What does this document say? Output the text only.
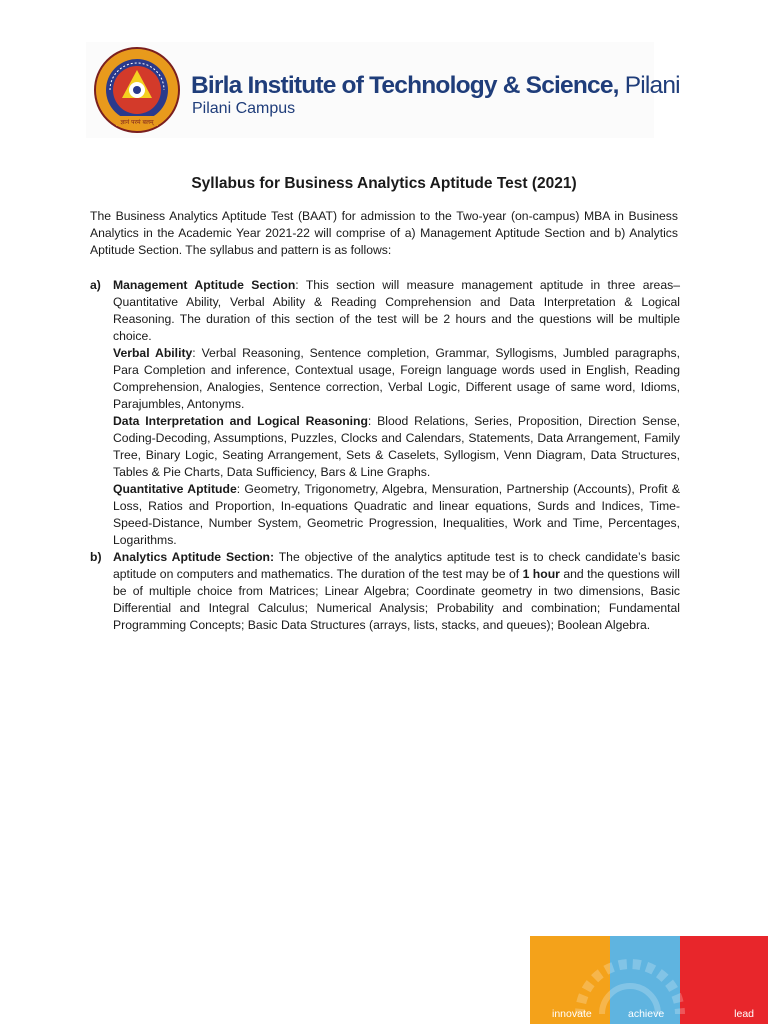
ज्ञानं परमं बलम्
Birla Institute of Technology & Science, Pilani
Pilani Campus
Syllabus for Business Analytics Aptitude Test (2021)
The Business Analytics Aptitude Test (BAAT) for admission to the Two-year (on-campus) MBA in Business Analytics in the Academic Year 2021-22 will comprise of a) Management Aptitude Section and b) Analytics Aptitude Section. The syllabus and pattern is as follows:
a) Management Aptitude Section: This section will measure management aptitude in three areas– Quantitative Ability, Verbal Ability & Reading Comprehension and Data Interpretation & Logical Reasoning. The duration of this section of the test will be 2 hours and the questions will be multiple choice.

Verbal Ability: Verbal Reasoning, Sentence completion, Grammar, Syllogisms, Jumbled paragraphs, Para Completion and inference, Contextual usage, Foreign language words used in English, Reading Comprehension, Analogies, Sentence correction, Verbal Logic, Different usage of same word, Idioms, Parajumbles, Antonyms.

Data Interpretation and Logical Reasoning: Blood Relations, Series, Proposition, Direction Sense, Coding-Decoding, Assumptions, Puzzles, Clocks and Calendars, Statements, Data Arrangement, Family Tree, Binary Logic, Seating Arrangement, Sets & Caselets, Syllogism, Venn Diagram, Data Structures, Tables & Pie Charts, Data Sufficiency, Bars & Line Graphs.

Quantitative Aptitude: Geometry, Trigonometry, Algebra, Mensuration, Partnership (Accounts), Profit & Loss, Ratios and Proportion, In-equations Quadratic and linear equations, Surds and Indices, Time-Speed-Distance, Number System, Geometric Progression, Inequalities, Work and Time, Percentages, Logarithms.

b) Analytics Aptitude Section: The objective of the analytics aptitude test is to check candidate’s basic aptitude on computers and mathematics. The duration of the test may be of 1 hour and the questions will be of multiple choice from Matrices; Linear Algebra; Coordinate geometry in two dimensions, Basic Differential and Integral Calculus; Numerical Analysis; Probability and combination; Fundamental Programming Concepts; Basic Data Structures (arrays, lists, stacks, and queues); Boolean Algebra.

innovate	achieve	lead
